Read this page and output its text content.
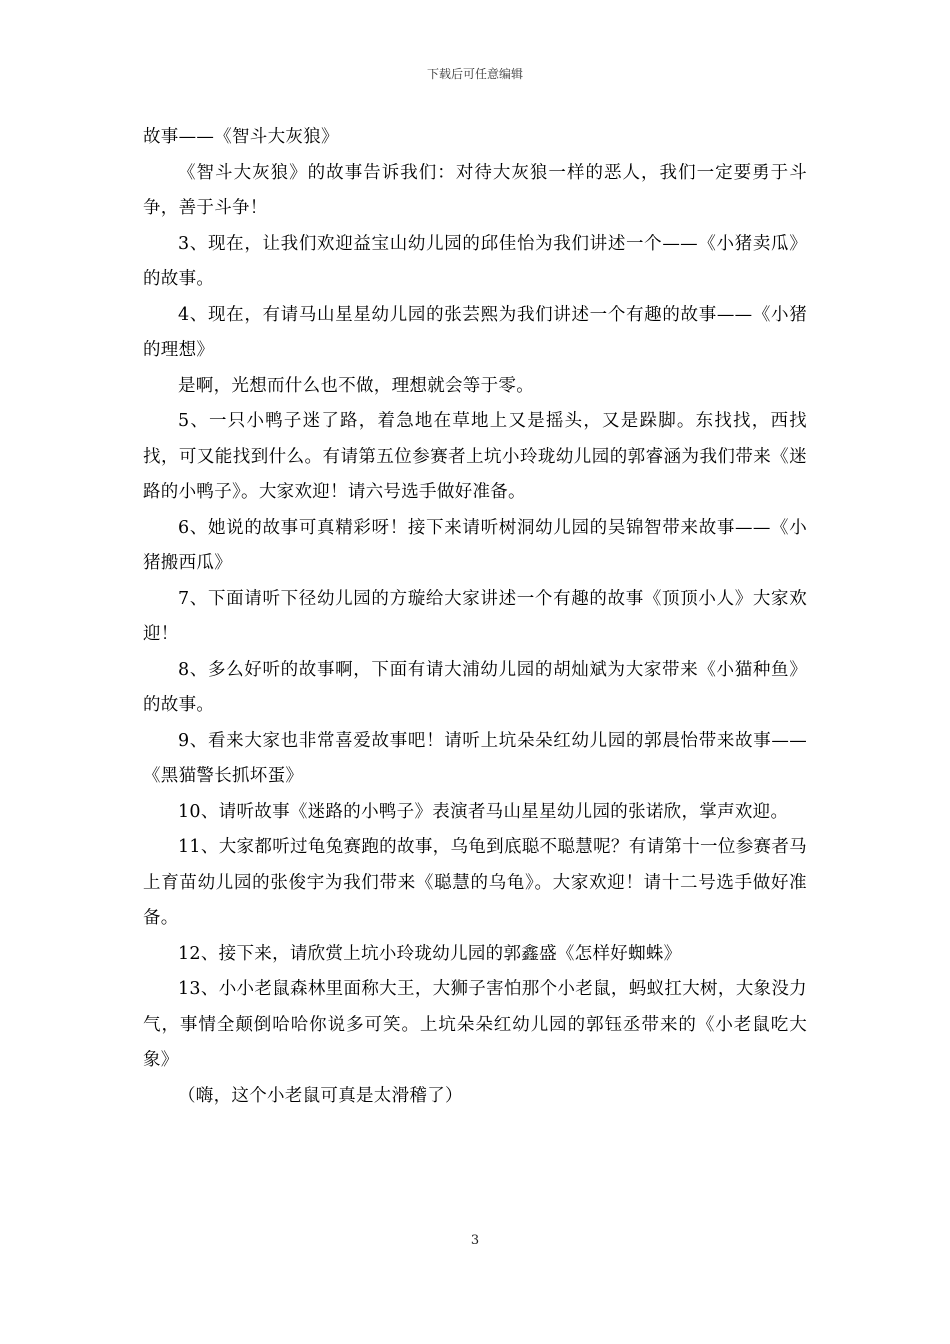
下载后可任意编辑

故事——《智斗大灰狼》

《智斗大灰狼》的故事告诉我们：对待大灰狼一样的恶人，我们一定要勇于斗争，善于斗争！

3、现在，让我们欢迎益宝山幼儿园的邱佳怡为我们讲述一个——《小猪卖瓜》的故事。

4、现在，有请马山星星幼儿园的张芸熙为我们讲述一个有趣的故事——《小猪的理想》

是啊，光想而什么也不做，理想就会等于零。

5、一只小鸭子迷了路，着急地在草地上又是摇头，又是跺脚。东找找，西找找，可又能找到什么。有请第五位参赛者上坑小玲珑幼儿园的郭睿涵为我们带来《迷路的小鸭子》。大家欢迎！请六号选手做好准备。

6、她说的故事可真精彩呀！接下来请听树洞幼儿园的吴锦智带来故事——《小猪搬西瓜》

7、下面请听下径幼儿园的方璇给大家讲述一个有趣的故事《顶顶小人》大家欢迎！

8、多么好听的故事啊，下面有请大浦幼儿园的胡灿斌为大家带来《小猫种鱼》的故事。

9、看来大家也非常喜爱故事吧！请听上坑朵朵红幼儿园的郭晨怡带来故事——《黑猫警长抓坏蛋》

10、请听故事《迷路的小鸭子》表演者马山星星幼儿园的张诺欣，掌声欢迎。

11、大家都听过龟兔赛跑的故事，乌龟到底聪不聪慧呢？有请第十一位参赛者马上育苗幼儿园的张俊宇为我们带来《聪慧的乌龟》。大家欢迎！请十二号选手做好准备。

12、接下来，请欣赏上坑小玲珑幼儿园的郭鑫盛《怎样好蜘蛛》

13、小小老鼠森林里面称大王，大狮子害怕那个小老鼠，蚂蚁扛大树，大象没力气，事情全颠倒哈哈你说多可笑。上坑朵朵红幼儿园的郭钰丞带来的《小老鼠吃大象》

（嗨，这个小老鼠可真是太滑稽了）

3
